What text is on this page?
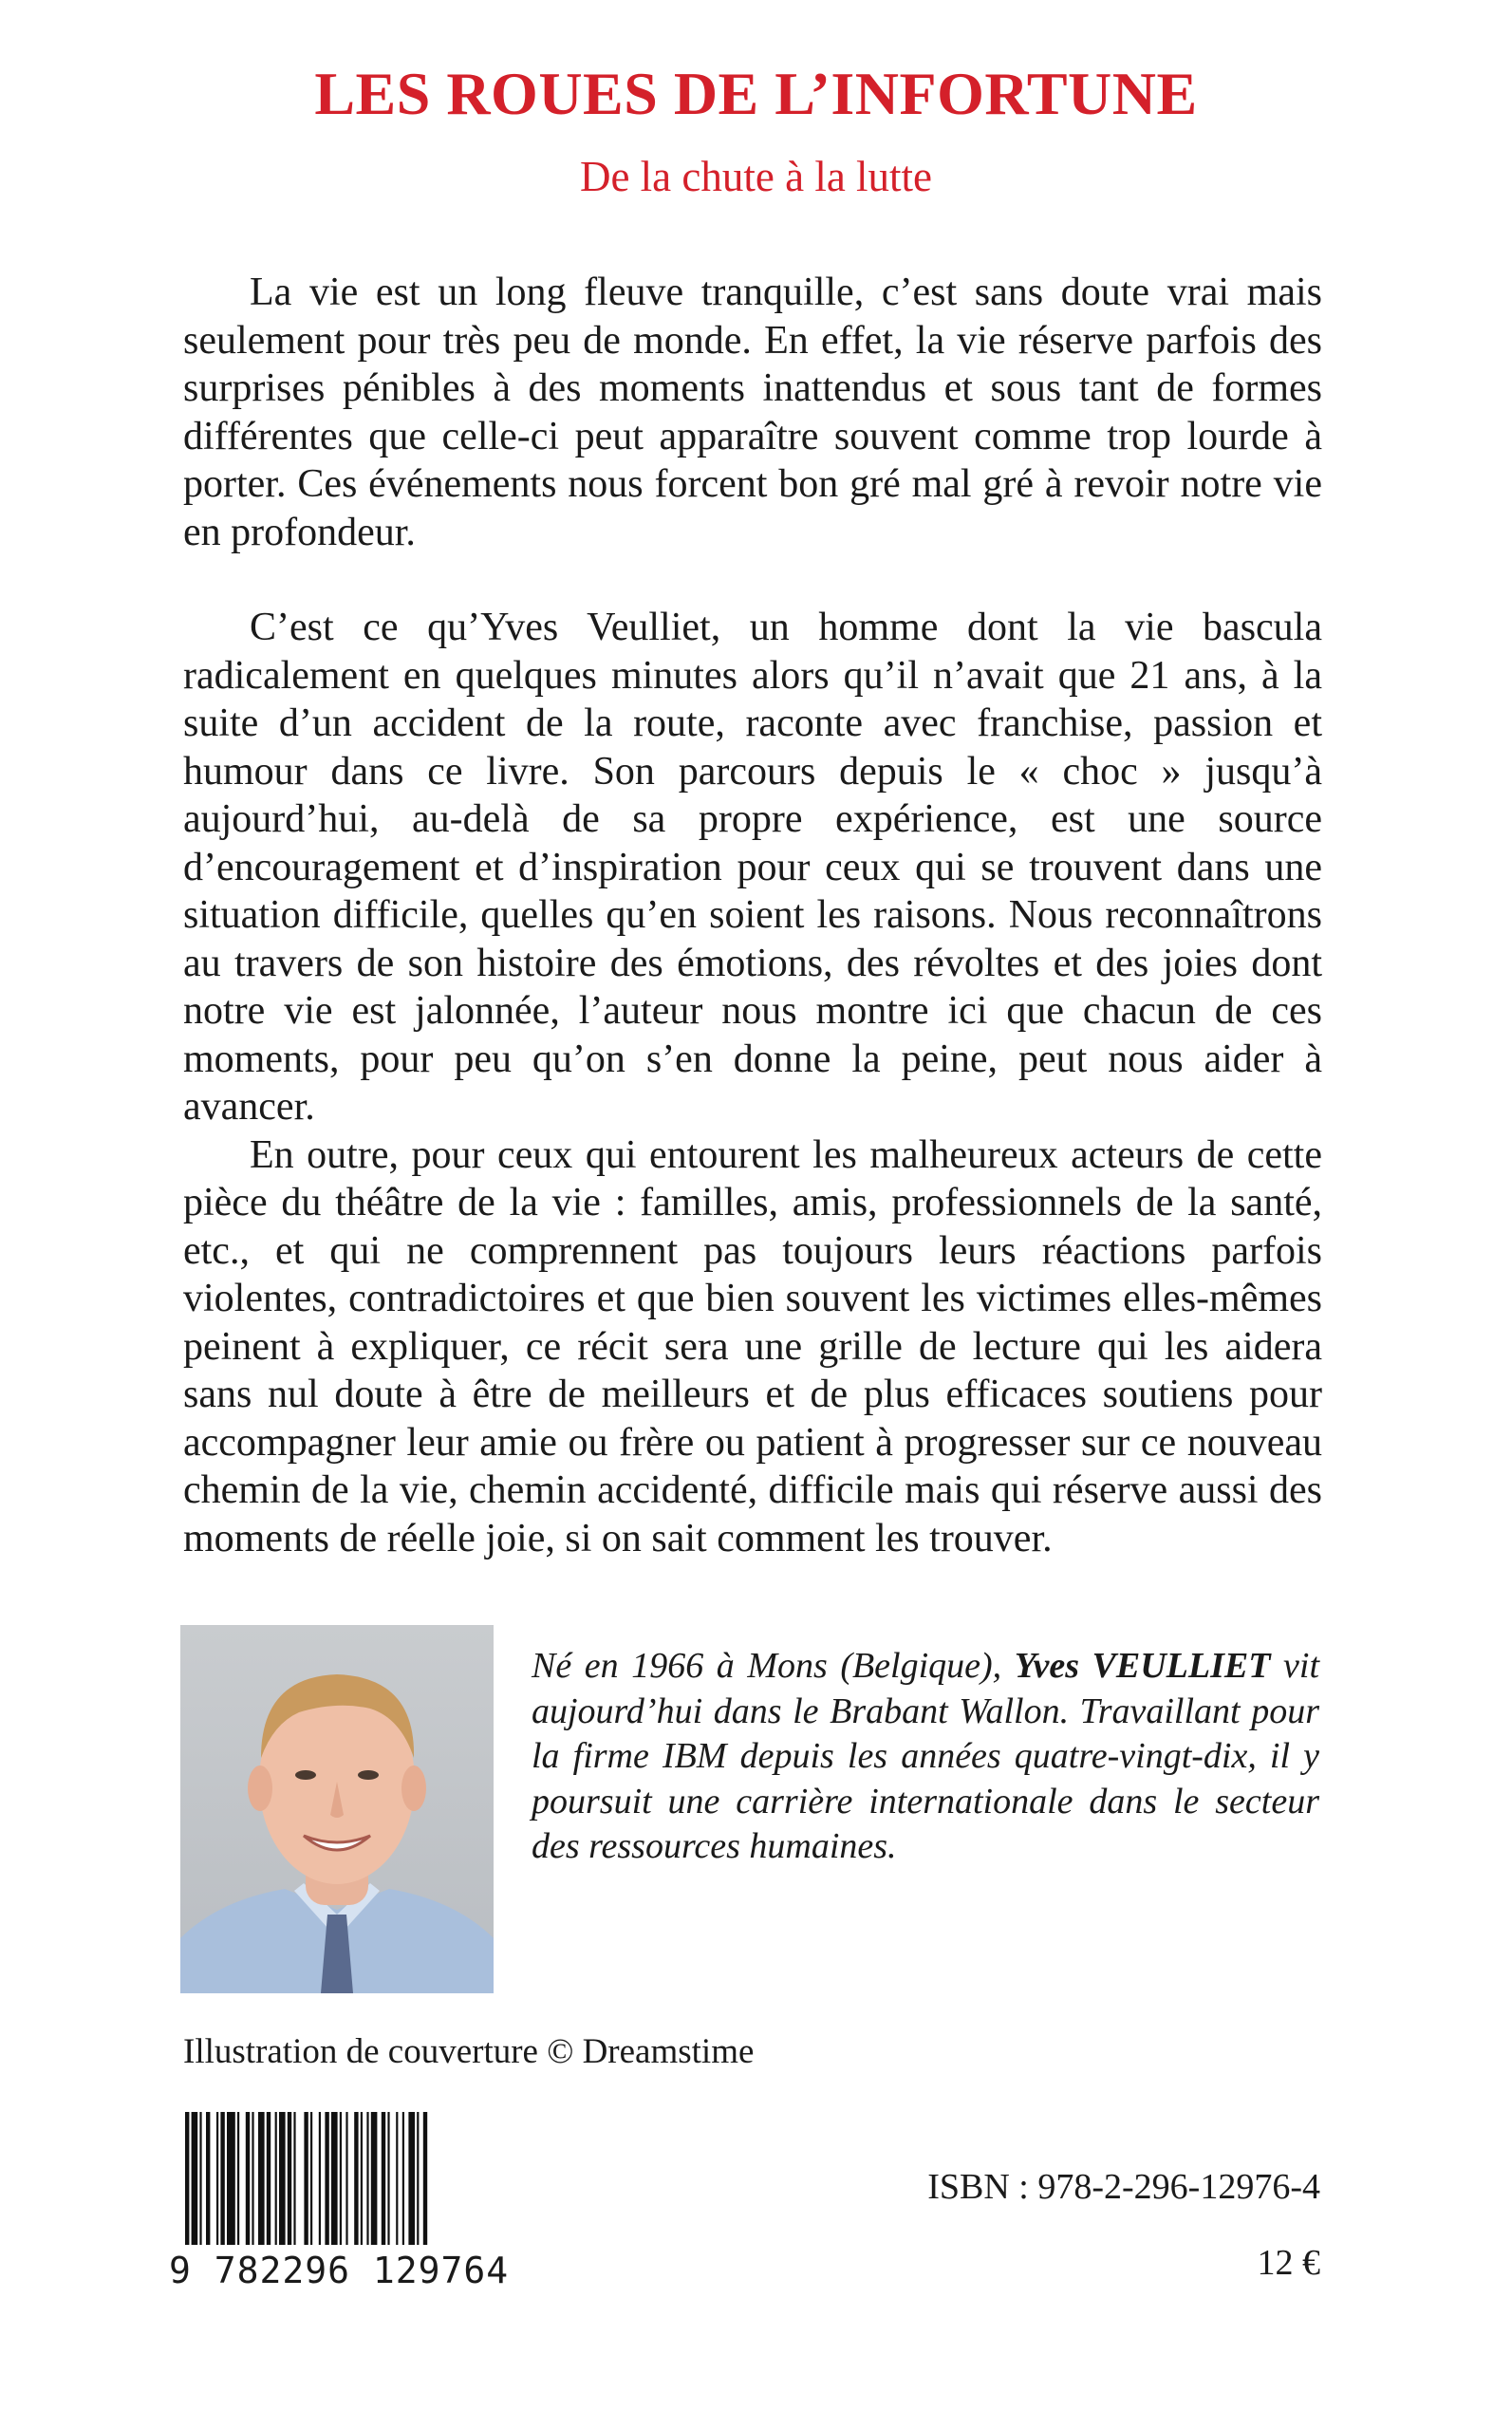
LES ROUES DE L’INFORTUNE
De la chute à la lutte

La vie est un long fleuve tranquille, c’est sans doute vrai mais seulement pour très peu de monde. En effet, la vie réserve parfois des surprises pénibles à des moments inattendus et sous tant de formes différentes que celle-ci peut apparaître souvent comme trop lourde à porter. Ces événements nous forcent bon gré mal gré à revoir notre vie en profondeur.

C’est ce qu’Yves Veulliet, un homme dont la vie bascula radicalement en quelques minutes alors qu’il n’avait que 21 ans, à la suite d’un accident de la route, raconte avec franchise, passion et humour dans ce livre. Son parcours depuis le « choc » jusqu’à aujourd’hui, au-delà de sa propre expérience, est une source d’encouragement et d’inspiration pour ceux qui se trouvent dans une situation difficile, quelles qu’en soient les raisons. Nous reconnaîtrons au travers de son histoire des émotions, des révoltes et des joies dont notre vie est jalonnée, l’auteur nous montre ici que chacun de ces moments, pour peu qu’on s’en donne la peine, peut nous aider à avancer.

En outre, pour ceux qui entourent les malheureux acteurs de cette pièce du théâtre de la vie : familles, amis, professionnels de la santé, etc., et qui ne comprennent pas toujours leurs réactions parfois violentes, contradictoires et que bien souvent les victimes elles-mêmes peinent à expliquer, ce récit sera une grille de lecture qui les aidera sans nul doute à être de meilleurs et de plus efficaces soutiens pour accompagner leur amie ou frère ou patient à progresser sur ce nouveau chemin de la vie, chemin accidenté, difficile mais qui réserve aussi des moments de réelle joie, si on sait comment les trouver.

Né en 1966 à Mons (Belgique), Yves VEULLIET vit aujourd’hui dans le Brabant Wallon. Travaillant pour la firme IBM depuis les années quatre-vingt-dix, il y poursuit une carrière internationale dans le secteur des ressources humaines.
Illustration de couverture © Dreamstime
9 782296 129764
ISBN : 978-2-296-12976-4
12 €
